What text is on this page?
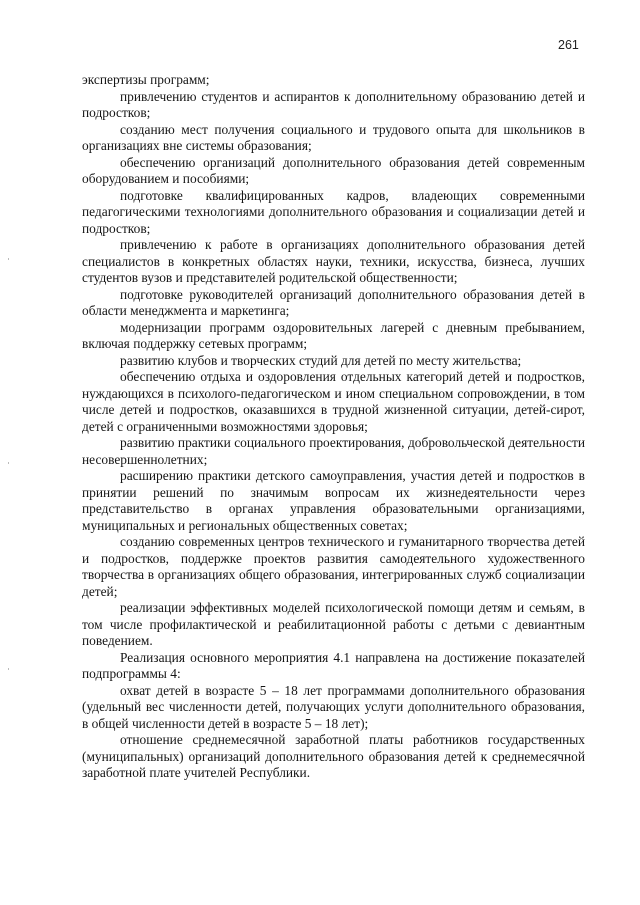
261

экспертизы программ;

привлечению студентов и аспирантов к дополнительному образованию детей и подростков;

созданию мест получения социального и трудового опыта для школьников в организациях вне системы образования;

обеспечению организаций дополнительного образования детей современным оборудованием и пособиями;

подготовке квалифицированных кадров, владеющих современными педагогическими технологиями дополнительного образования и социализации детей и подростков;

привлечению к работе в организациях дополнительного образования детей специалистов в конкретных областях науки, техники, искусства, бизнеса, лучших студентов вузов и представителей родительской общественности;

подготовке руководителей организаций дополнительного образования детей в области менеджмента и маркетинга;

модернизации программ оздоровительных лагерей с дневным пребыванием, включая поддержку сетевых программ;

развитию клубов и творческих студий для детей по месту жительства;

обеспечению отдыха и оздоровления отдельных категорий детей и подростков, нуждающихся в психолого-педагогическом и ином специальном сопровождении, в том числе детей и подростков, оказавшихся в трудной жизненной ситуации, детей-сирот, детей с ограниченными возможностями здоровья;

развитию практики социального проектирования, добровольческой деятельности несовершеннолетних;

расширению практики детского самоуправления, участия детей и подростков в принятии решений по значимым вопросам их жизнедеятельности через представительство в органах управления образовательными организациями, муниципальных и региональных общественных советах;

созданию современных центров технического и гуманитарного творчества детей и подростков, поддержке проектов развития самодеятельного художественного творчества в организациях общего образования, интегрированных служб социализации детей;

реализации эффективных моделей психологической помощи детям и семьям, в том числе профилактической и реабилитационной работы с детьми с девиантным поведением.

Реализация основного мероприятия 4.1 направлена на достижение показателей подпрограммы 4:

охват детей в возрасте 5 – 18 лет программами дополнительного образования (удельный вес численности детей, получающих услуги дополнительного образования, в общей численности детей в возрасте 5 – 18 лет);

отношение среднемесячной заработной платы работников государственных (муниципальных) организаций дополнительного образования детей к среднемесячной заработной плате учителей Республики.
